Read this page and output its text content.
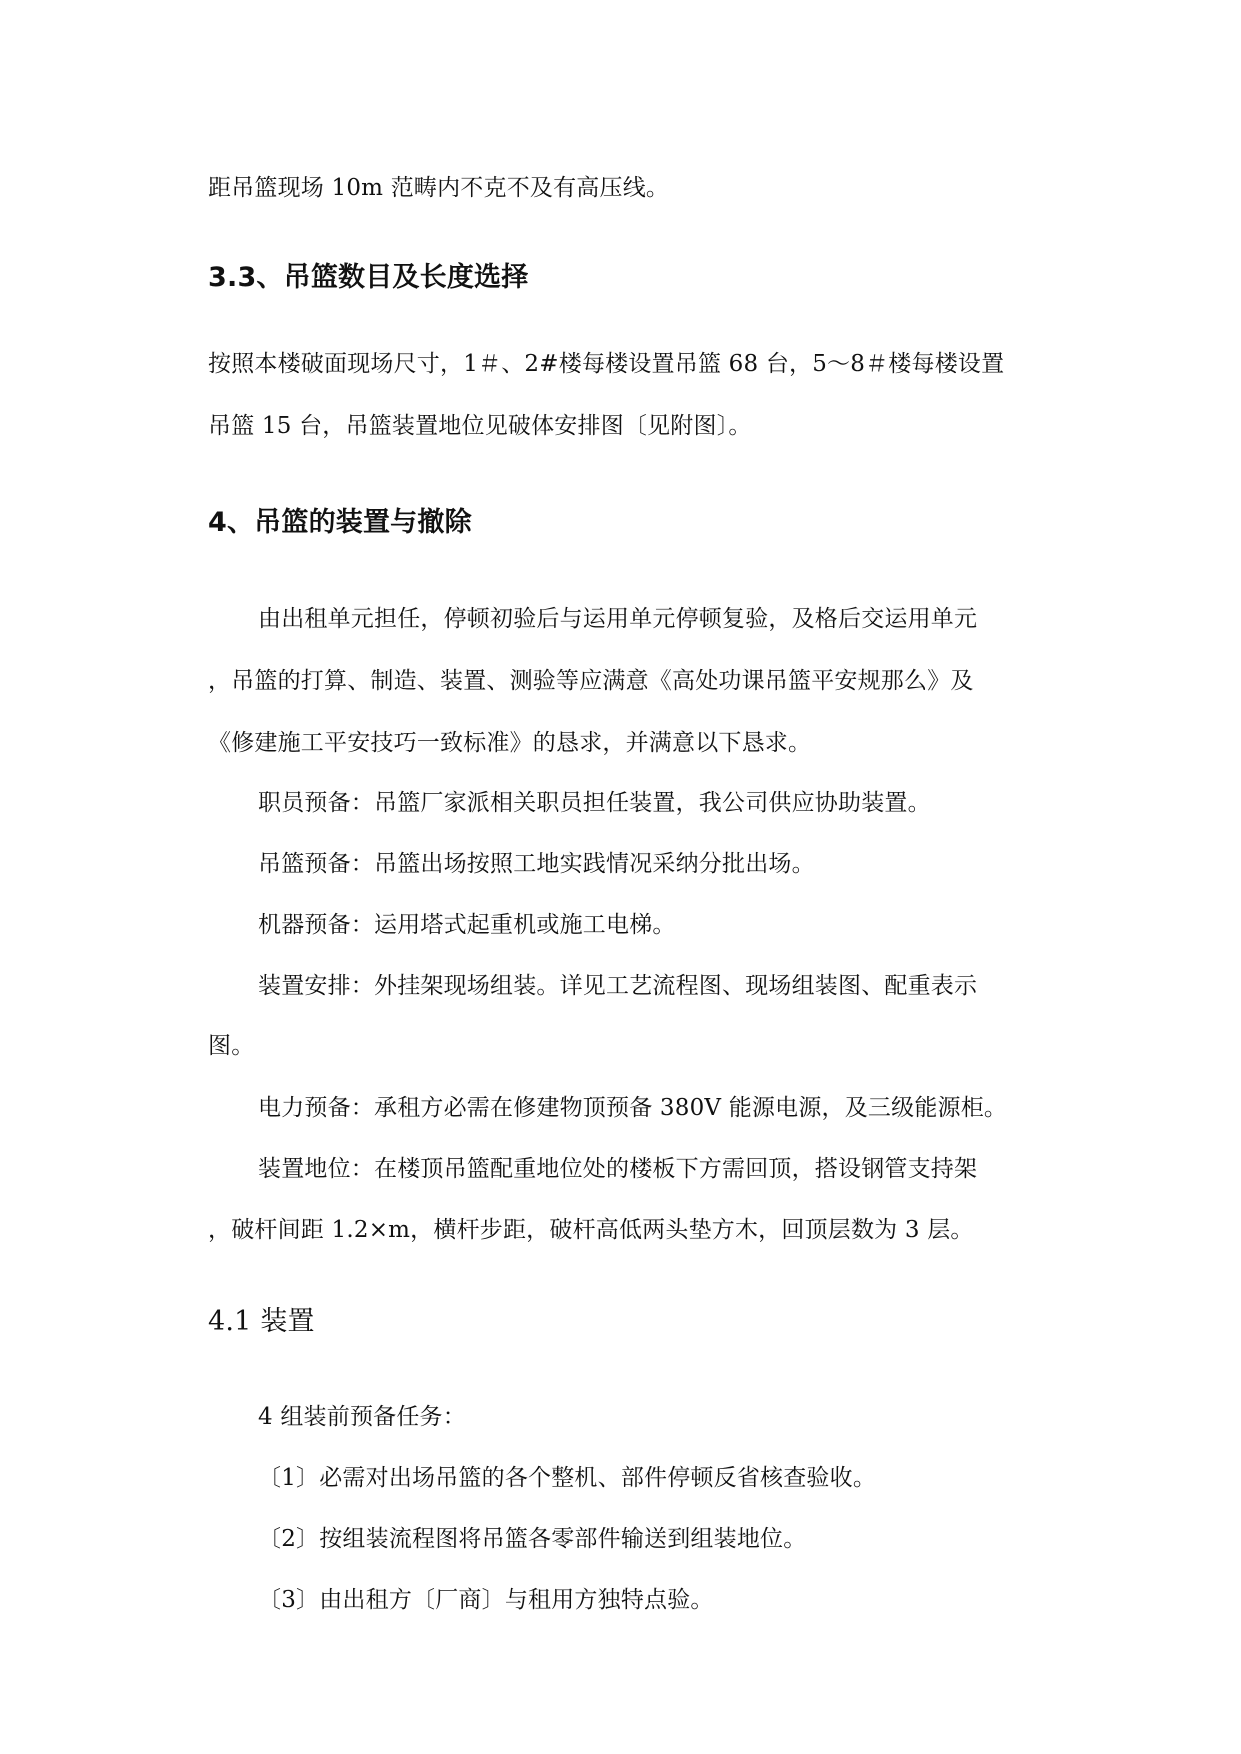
距吊篮现场 10m 范畴内不克不及有高压线。
3.3、吊篮数目及长度选择
按照本楼破面现场尺寸，1＃、2#楼每楼设置吊篮 68 台，5～8＃楼每楼设置
吊篮 15 台，吊篮装置地位见破体安排图〔见附图〕。
4、吊篮的装置与撤除
由出租单元担任，停顿初验后与运用单元停顿复验，及格后交运用单元
，吊篮的打算、制造、装置、测验等应满意《高处功课吊篮平安规那么》及
《修建施工平安技巧一致标准》的恳求，并满意以下恳求。
职员预备：吊篮厂家派相关职员担任装置，我公司供应协助装置。
吊篮预备：吊篮出场按照工地实践情况采纳分批出场。
机器预备：运用塔式起重机或施工电梯。
装置安排：外挂架现场组装。详见工艺流程图、现场组装图、配重表示
图。
电力预备：承租方必需在修建物顶预备 380V 能源电源，及三级能源柜。
装置地位：在楼顶吊篮配重地位处的楼板下方需回顶，搭设钢管支持架
，破杆间距 1.2×m，横杆步距，破杆高低两头垫方木，回顶层数为 3 层。
4.1 装置
4 组装前预备任务：
〔1〕必需对出场吊篮的各个整机、部件停顿反省核查验收。
〔2〕按组装流程图将吊篮各零部件输送到组装地位。
〔3〕由出租方〔厂商〕与租用方独特点验。
